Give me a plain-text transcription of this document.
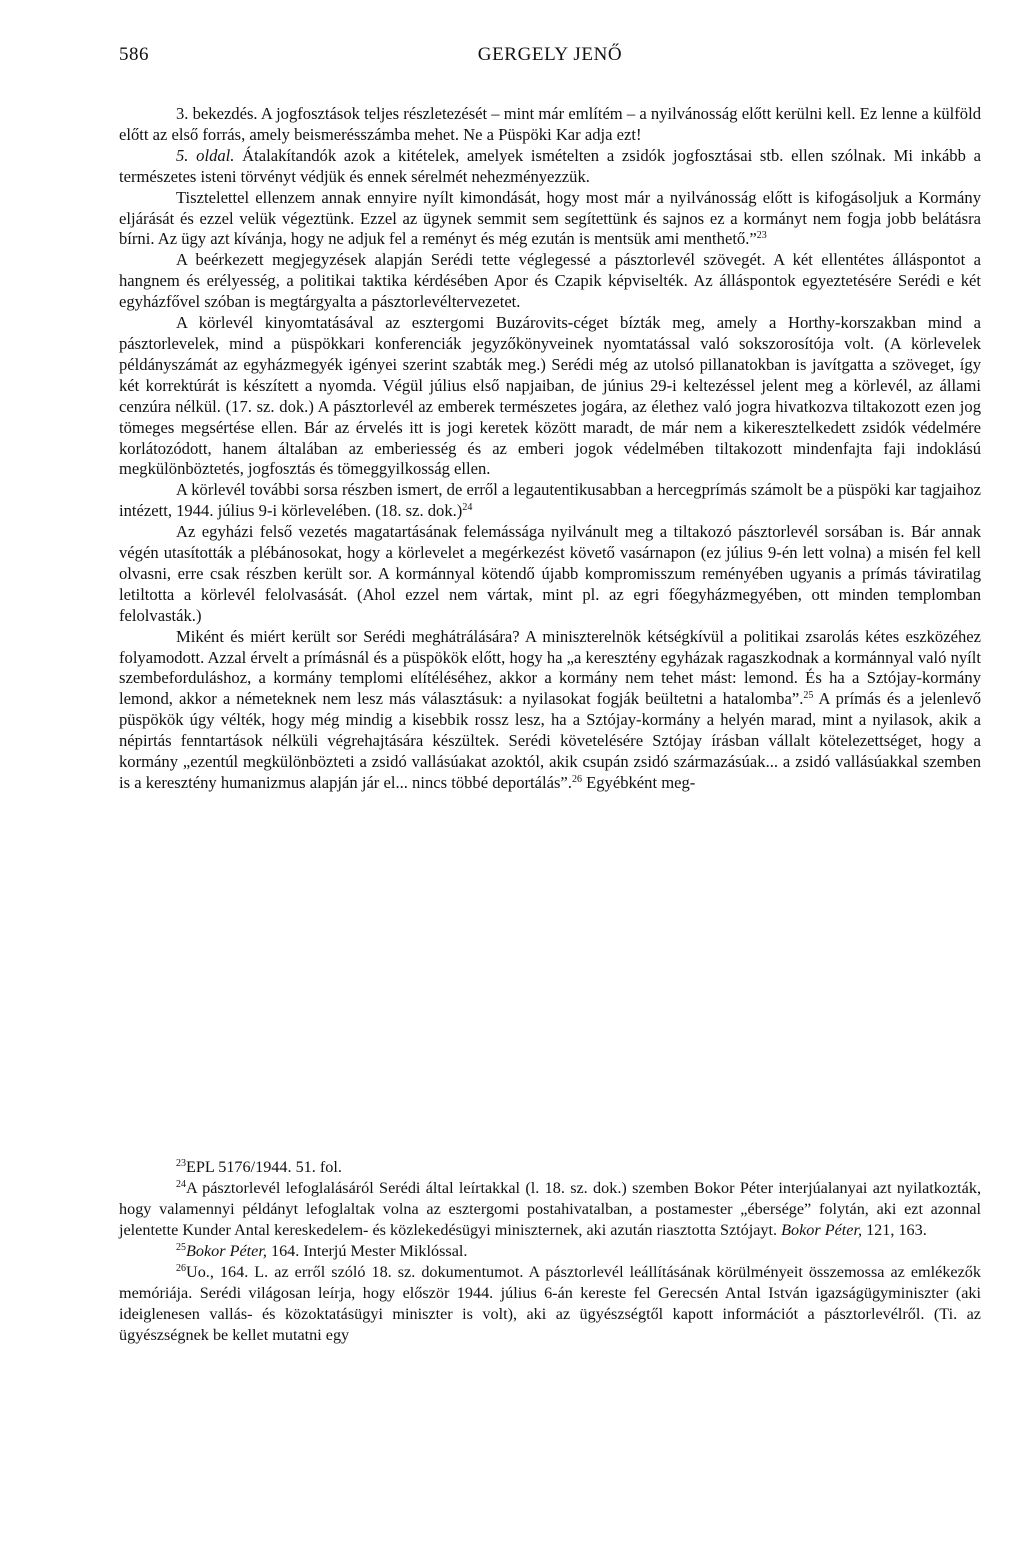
586	GERGELY JENŐ

3. bekezdés. A jogfosztások teljes részletezését – mint már említém – a nyilvánosság előtt kerülni kell. Ez lenne a külföld előtt az első forrás, amely beismerésszámba mehet. Ne a Püspöki Kar adja ezt!

5. oldal. Átalakítandók azok a kitételek, amelyek ismételten a zsidók jogfosztásai stb. ellen szólnak. Mi inkább a természetes isteni törvényt védjük és ennek sérelmét nehezményezzük.

Tisztelettel ellenzem annak ennyire nyílt kimondását, hogy most már a nyilvánosság előtt is kifogásoljuk a Kormány eljárását és ezzel velük végeztünk. Ezzel az ügynek semmit sem segítettünk és sajnos ez a kormányt nem fogja jobb belátásra bírni. Az ügy azt kívánja, hogy ne adjuk fel a reményt és még ezután is mentsük ami menthető.”$^{23}$

A beérkezett megjegyzések alapján Serédi tette véglegessé a pásztorlevél szövegét. A két ellentétes álláspontot a hangnem és erélyesség, a politikai taktika kérdésében Apor és Czapik képviselték. Az álláspontok egyeztetésére Serédi e két egyházfővel szóban is megtárgyalta a pásztorlevéltervezetet.

A körlevél kinyomtatásával az esztergomi Buzárovits-céget bízták meg, amely a Horthy-korszakban mind a pásztorlevelek, mind a püspökkari konferenciák jegyzőkönyveinek nyomtatással való sokszorosítója volt. (A körlevelek példányszámát az egyházmegyék igényei szerint szabták meg.) Serédi még az utolsó pillanatokban is javítgatta a szöveget, így két korrektúrát is készített a nyomda. Végül július első napjaiban, de június 29-i keltezéssel jelent meg a körlevél, az állami cenzúra nélkül. (17. sz. dok.) A pásztorlevél az emberek természetes jogára, az élethez való jogra hivatkozva tiltakozott ezen jog tömeges megsértése ellen. Bár az érvelés itt is jogi keretek között maradt, de már nem a kikeresztelkedett zsidók védelmére korlátozódott, hanem általában az emberiesség és az emberi jogok védelmében tiltakozott mindenfajta faji indoklású megkülönböztetés, jogfosztás és tömeggyilkosság ellen.

A körlevél további sorsa részben ismert, de erről a legautentikusabban a hercegprímás számolt be a püspöki kar tagjaihoz intézett, 1944. július 9-i körlevelében. (18. sz. dok.)$^{24}$

Az egyházi felső vezetés magatartásának felemássága nyilvánult meg a tiltakozó pásztorlevél sorsában is. Bár annak végén utasították a plébánosokat, hogy a körlevelet a megérkezést követő vasárnapon (ez július 9-én lett volna) a misén fel kell olvasni, erre csak részben került sor. A kormánnyal kötendő újabb kompromisszum reményében ugyanis a prímás táviratilag letiltotta a körlevél felolvasását. (Ahol ezzel nem vártak, mint pl. az egri főegyházmegyében, ott minden templomban felolvasták.)

Miként és miért került sor Serédi meghátrálására? A miniszterelnök kétségkívül a politikai zsarolás kétes eszközéhez folyamodott. Azzal érvelt a prímásnál és a püspökök előtt, hogy ha „a keresztény egyházak ragaszkodnak a kormánnyal való nyílt szembeforduláshoz, a kormány templomi elítéléséhez, akkor a kormány nem tehet mást: lemond. És ha a Sztójay-kormány lemond, akkor a németeknek nem lesz más választásuk: a nyilasokat fogják beültetni a hatalomba”.$^{25}$ A prímás és a jelenlevő püspökök úgy vélték, hogy még mindig a kisebbik rossz lesz, ha a Sztójay-kormány a helyén marad, mint a nyilasok, akik a népirtás fenntartások nélküli végrehajtására készültek. Serédi követelésére Sztójay írásban vállalt kötelezettséget, hogy a kormány „ezentúl megkülönbözteti a zsidó vallásúakat azoktól, akik csupán zsidó származásúak... a zsidó vallásúakkal szemben is a keresztény humanizmus alapján jár el... nincs többé deportálás”.$^{26}$ Egyébként meg-

$^{23}$EPL 5176/1944. 51. fol.

$^{24}$A pásztorlevél lefoglalásáról Serédi által leírtakkal (l. 18. sz. dok.) szemben Bokor Péter interjúalanyai azt nyilatkozták, hogy valamennyi példányt lefoglaltak volna az esztergomi postahivatalban, a postamester „ébersége” folytán, aki ezt azonnal jelentette Kunder Antal kereskedelem- és közlekedésügyi miniszternek, aki azután riasztotta Sztójayt. Bokor Péter, 121, 163.

$^{25}$Bokor Péter, 164. Interjú Mester Miklóssal.

$^{26}$Uo., 164. L. az erről szóló 18. sz. dokumentumot. A pásztorlevél leállításának körülményeit összemossa az emlékezők memóriája. Serédi világosan leírja, hogy először 1944. július 6-án kereste fel Gerecsén Antal István igazságügyminiszter (aki ideiglenesen vallás- és közoktatásügyi miniszter is volt), aki az ügyészségtől kapott információt a pásztorlevélről. (Ti. az ügyészségnek be kellet mutatni egy
